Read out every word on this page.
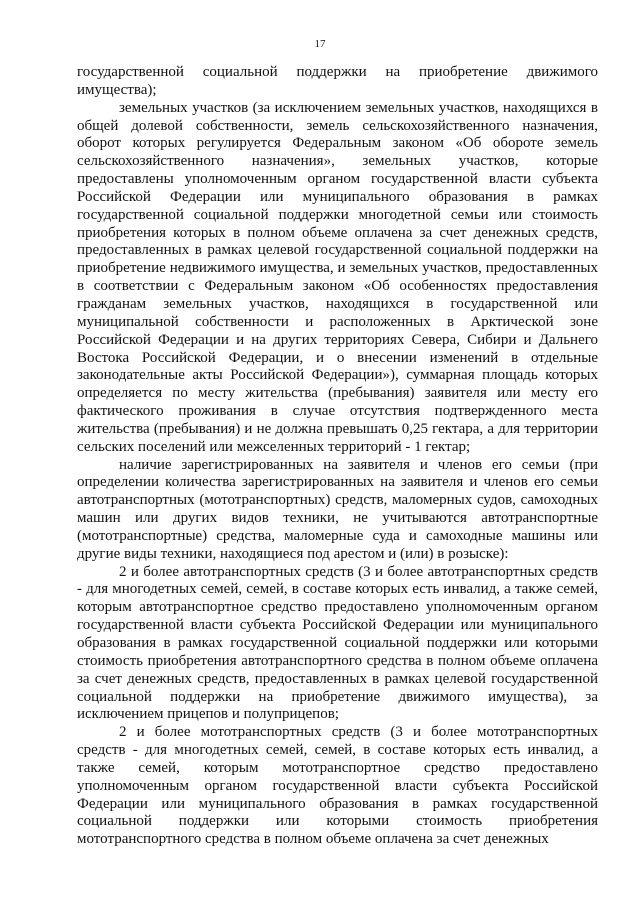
17

государственной социальной поддержки на приобретение движимого имущества);

земельных участков (за исключением земельных участков, находящихся в общей долевой собственности, земель сельскохозяйственного назначения, оборот которых регулируется Федеральным законом «Об обороте земель сельскохозяйственного назначения», земельных участков, которые предоставлены уполномоченным органом государственной власти субъекта Российской Федерации или муниципального образования в рамках государственной социальной поддержки многодетной семьи или стоимость приобретения которых в полном объеме оплачена за счет денежных средств, предоставленных в рамках целевой государственной социальной поддержки на приобретение недвижимого имущества, и земельных участков, предоставленных в соответствии с Федеральным законом «Об особенностях предоставления гражданам земельных участков, находящихся в государственной или муниципальной собственности и расположенных в Арктической зоне Российской Федерации и на других территориях Севера, Сибири и Дальнего Востока Российской Федерации, и о внесении изменений в отдельные законодательные акты Российской Федерации»), суммарная площадь которых определяется по месту жительства (пребывания) заявителя или месту его фактического проживания в случае отсутствия подтвержденного места жительства (пребывания) и не должна превышать 0,25 гектара, а для территории сельских поселений или межселенных территорий - 1 гектар;

наличие зарегистрированных на заявителя и членов его семьи (при определении количества зарегистрированных на заявителя и членов его семьи автотранспортных (мототранспортных) средств, маломерных судов, самоходных машин или других видов техники, не учитываются автотранспортные (мототранспортные) средства, маломерные суда и самоходные машины или другие виды техники, находящиеся под арестом и (или) в розыске):

2 и более автотранспортных средств (3 и более автотранспортных средств - для многодетных семей, семей, в составе которых есть инвалид, а также семей, которым автотранспортное средство предоставлено уполномоченным органом государственной власти субъекта Российской Федерации или муниципального образования в рамках государственной социальной поддержки или которыми стоимость приобретения автотранспортного средства в полном объеме оплачена за счет денежных средств, предоставленных в рамках целевой государственной социальной поддержки на приобретение движимого имущества), за исключением прицепов и полуприцепов;

2 и более мототранспортных средств (3 и более мототранспортных средств - для многодетных семей, семей, в составе которых есть инвалид, а также семей, которым мототранспортное средство предоставлено уполномоченным органом государственной власти субъекта Российской Федерации или муниципального образования в рамках государственной социальной поддержки или которыми стоимость приобретения мототранспортного средства в полном объеме оплачена за счет денежных
